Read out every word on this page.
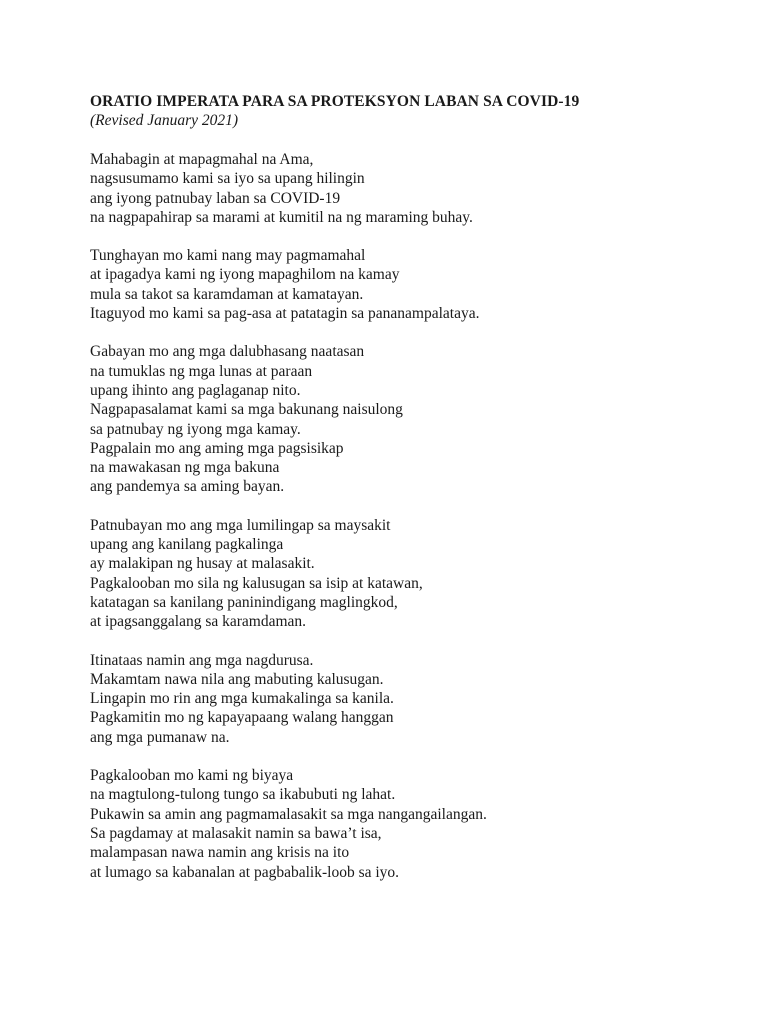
ORATIO IMPERATA PARA SA PROTEKSYON LABAN SA COVID-19
(Revised January 2021)
Mahabagin at mapagmahal na Ama,
nagsusumamo kami sa iyo sa upang hilingin
ang iyong patnubay laban sa COVID-19
na nagpapahirap sa marami at kumitil na ng maraming buhay.
Tunghayan mo kami nang may pagmamahal
at ipagadya kami ng iyong mapaghilom na kamay
mula sa takot sa karamdaman at kamatayan.
Itaguyod mo kami sa pag-asa at patatagin sa pananampalataya.
Gabayan mo ang mga dalubhasang naatasan
na tumuklas ng mga lunas at paraan
upang ihinto ang paglaganap nito.
Nagpapasalamat kami sa mga bakunang naisulong
sa patnubay ng iyong mga kamay.
Pagpalain mo ang aming mga pagsisikap
na mawakasan ng mga bakuna
ang pandemya sa aming bayan.
Patnubayan mo ang mga lumilingap sa maysakit
upang ang kanilang pagkalinga
ay malakipan ng husay at malasakit.
Pagkalooban mo sila ng kalusugan sa isip at katawan,
katatagan sa kanilang paninindigang maglingkod,
at ipagsanggalang sa karamdaman.
Itinataas namin ang mga nagdurusa.
Makamtam nawa nila ang mabuting kalusugan.
Lingapin mo rin ang mga kumakalinga sa kanila.
Pagkamitin mo ng kapayapaang walang hanggan
ang mga pumanaw na.
Pagkalooban mo kami ng biyaya
na magtulong-tulong tungo sa ikabubuti ng lahat.
Pukawin sa amin ang pagmamalasakit sa mga nangangailangan.
Sa pagdamay at malasakit namin sa bawa’t isa,
malampasan nawa namin ang krisis na ito
at lumago sa kabanalan at pagbabalik-loob sa iyo.
